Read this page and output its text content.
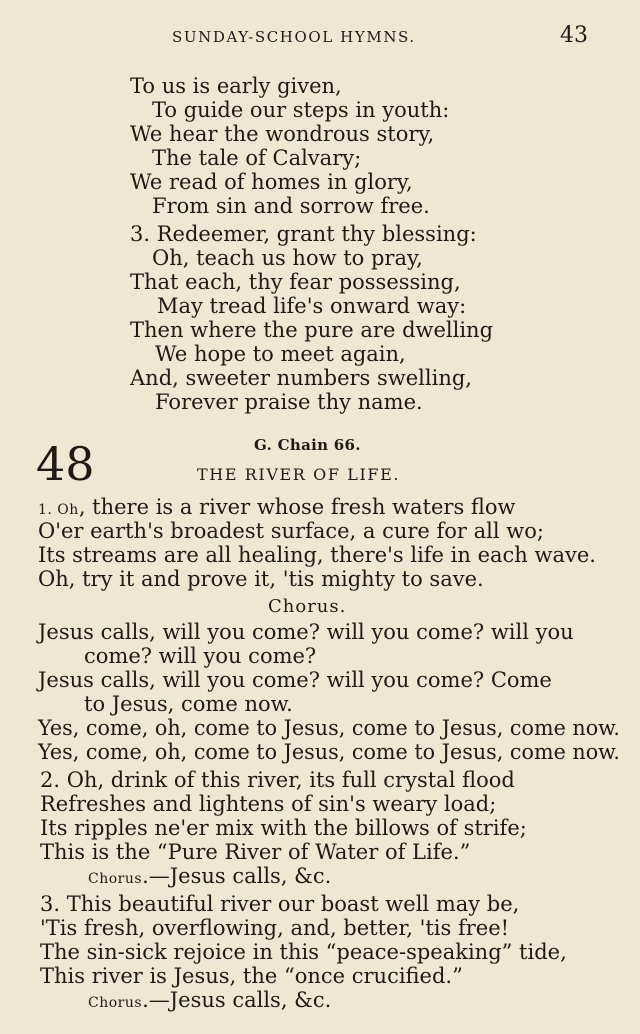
SUNDAY-SCHOOL HYMNS.	43
To us is early given,
To guide our steps in youth:
We hear the wondrous story,
The tale of Calvary;
We read of homes in glory,
From sin and sorrow free.
3. Redeemer, grant thy blessing:
Oh, teach us how to pray,
That each, thy fear possessing,
May tread life's onward way:
Then where the pure are dwelling
We hope to meet again,
And, sweeter numbers swelling,
Forever praise thy name.
48	G. Chain 66.
THE RIVER OF LIFE.
1. Oh, there is a river whose fresh waters flow
O'er earth's broadest surface, a cure for all wo;
Its streams are all healing, there's life in each wave.
Oh, try it and prove it, 'tis mighty to save.
Chorus.
Jesus calls, will you come? will you come? will you
come? will you come?
Jesus calls, will you come? will you come? Come
to Jesus, come now.
Yes, come, oh, come to Jesus, come to Jesus, come now.
Yes, come, oh, come to Jesus, come to Jesus, come now.
2. Oh, drink of this river, its full crystal flood
Refreshes and lightens of sin's weary load;
Its ripples ne'er mix with the billows of strife;
This is the “Pure River of Water of Life.”
Chorus.—Jesus calls, &c.
3. This beautiful river our boast well may be,
'Tis fresh, overflowing, and, better, 'tis free!
The sin-sick rejoice in this “peace-speaking” tide,
This river is Jesus, the “once crucified.”
Chorus.—Jesus calls, &c.
